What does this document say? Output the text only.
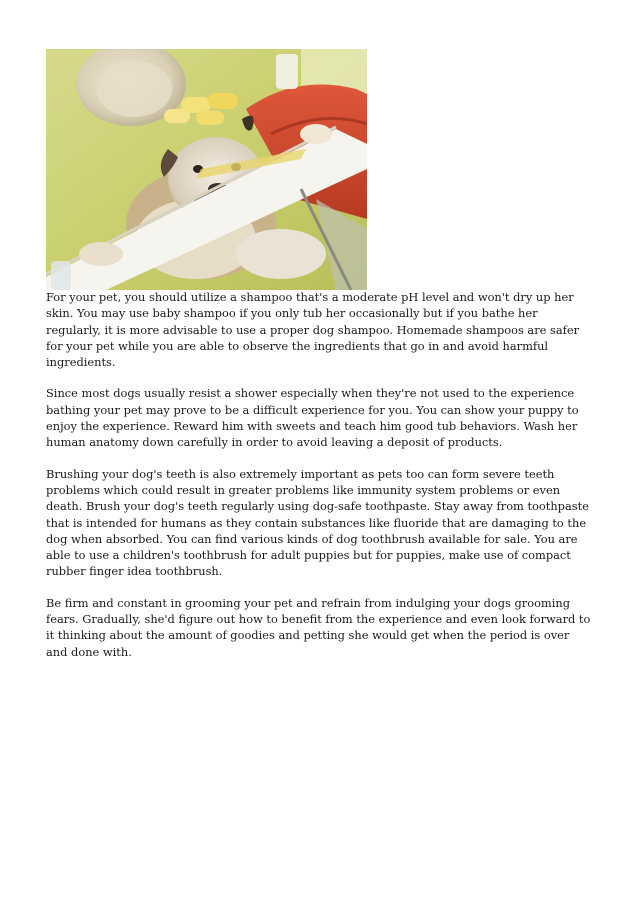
For your pet, you should utilize a shampoo that's a moderate pH level and won't dry up her skin. You may use baby shampoo if you only tub her occasionally but if you bathe her regularly, it is more advisable to use a proper dog shampoo. Homemade shampoos are safer for your pet while you are able to observe the ingredients that go in and avoid harmful ingredients.

Since most dogs usually resist a shower especially when they're not used to the experience bathing your pet may prove to be a difficult experience for you. You can show your puppy to enjoy the experience. Reward him with sweets and teach him good tub behaviors. Wash her human anatomy down carefully in order to avoid leaving a deposit of products.

Brushing your dog's teeth is also extremely important as pets too can form severe teeth problems which could result in greater problems like immunity system problems or even death. Brush your dog's teeth regularly using dog-safe toothpaste. Stay away from toothpaste that is intended for humans as they contain substances like fluoride that are damaging to the dog when absorbed. You can find various kinds of dog toothbrush available for sale. You are able to use a children's toothbrush for adult puppies but for puppies, make use of compact rubber finger idea toothbrush.

Be firm and constant in grooming your pet and refrain from indulging your dogs grooming fears. Gradually, she'd figure out how to benefit from the experience and even look forward to it thinking about the amount of goodies and petting she would get when the period is over and done with.
